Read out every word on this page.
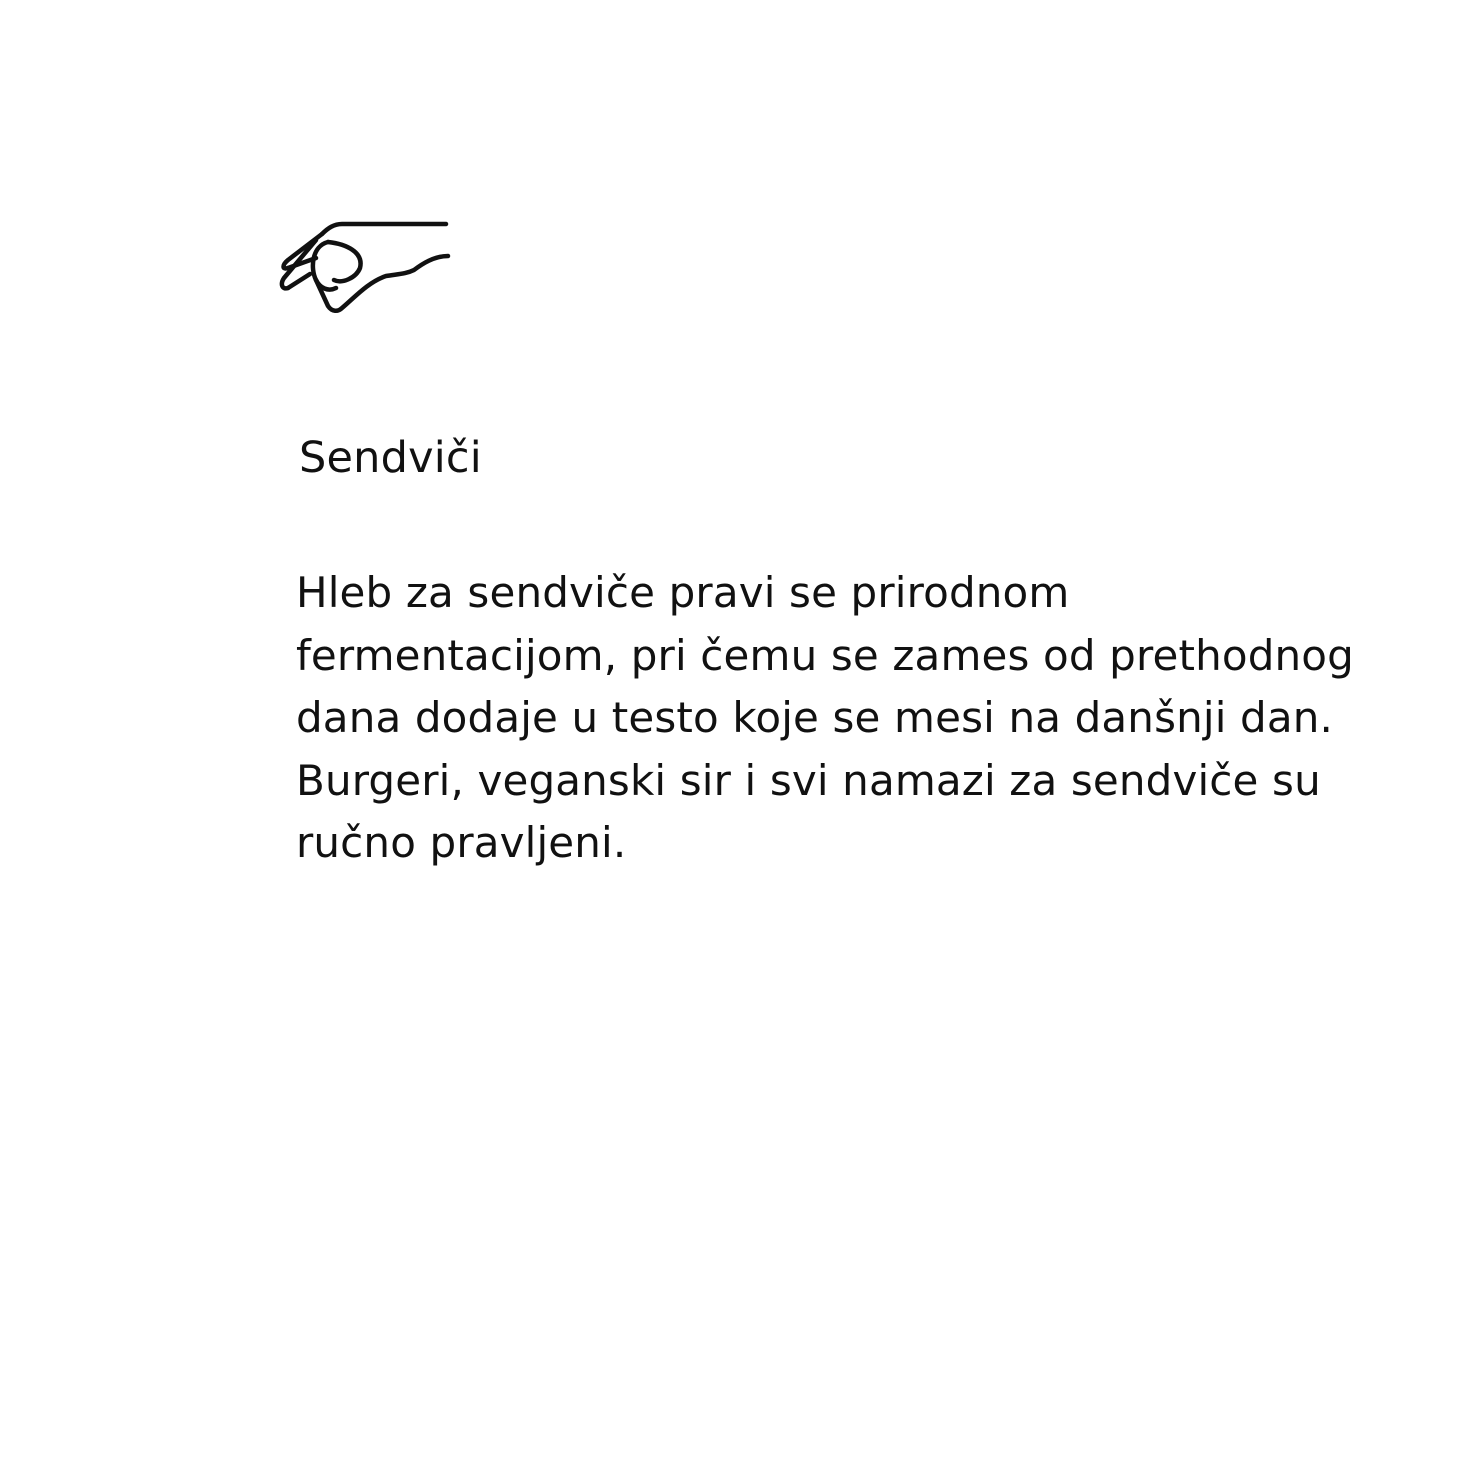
Sendviči

Hleb za sendviče pravi se prirodnom
fermentacijom, pri čemu se zames od prethodnog
dana dodaje u testo koje se mesi na danšnji dan.
Burgeri, veganski sir i svi namazi za sendviče su
ručno pravljeni.
